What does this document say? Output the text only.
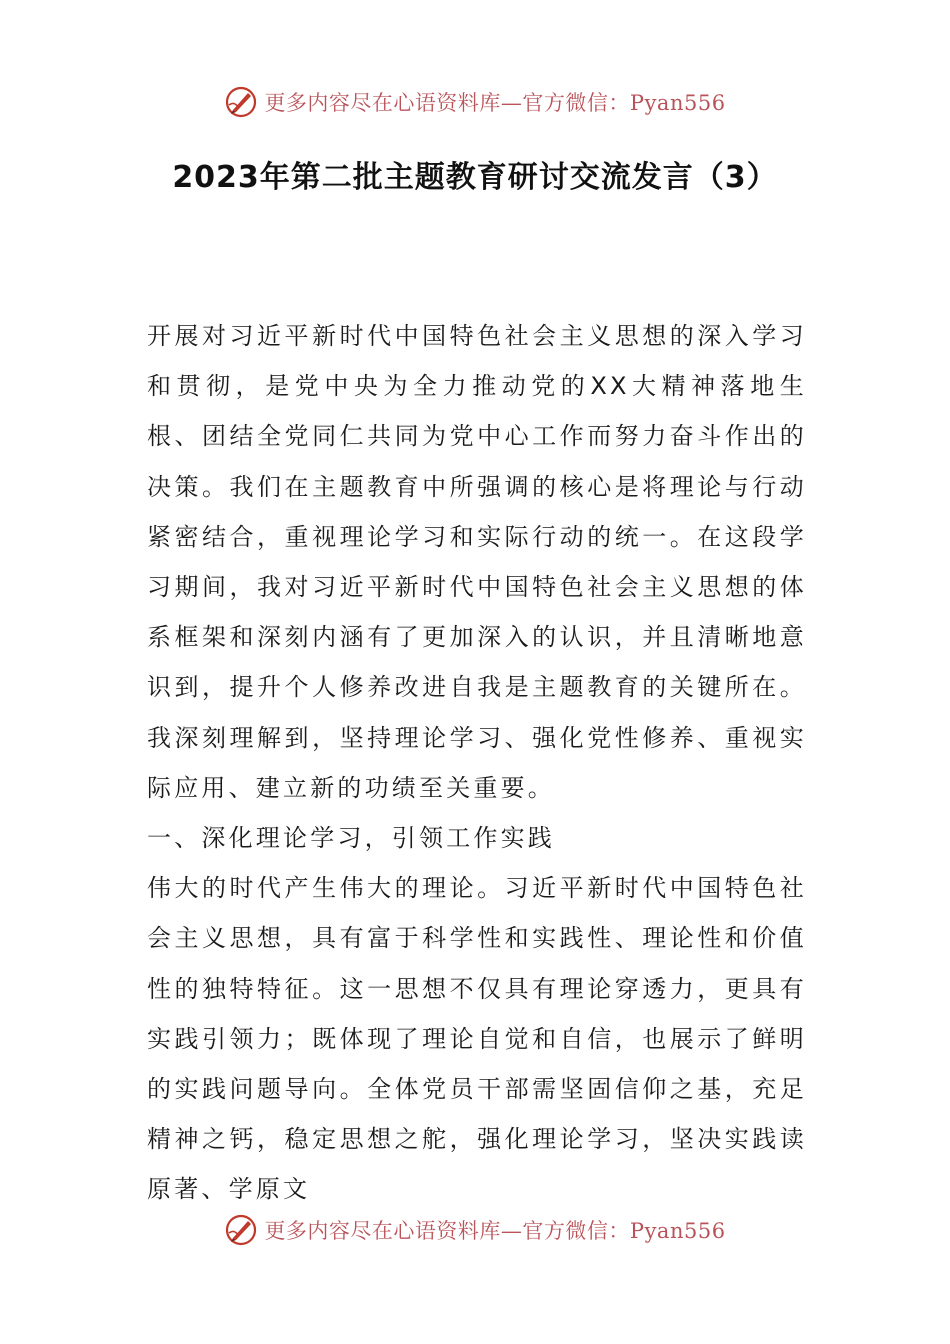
更多内容尽在心语资料库—官方微信：Pyan556
2023年第二批主题教育研讨交流发言（3）

开展对习近平新时代中国特色社会主义思想的深入学习和贯彻，是党中央为全力推动党的XX大精神落地生根、团结全党同仁共同为党中心工作而努力奋斗作出的决策。我们在主题教育中所强调的核心是将理论与行动紧密结合，重视理论学习和实际行动的统一。在这段学习期间，我对习近平新时代中国特色社会主义思想的体系框架和深刻内涵有了更加深入的认识，并且清晰地意识到，提升个人修养改进自我是主题教育的关键所在。我深刻理解到，坚持理论学习、强化党性修养、重视实际应用、建立新的功绩至关重要。

一、深化理论学习，引领工作实践

伟大的时代产生伟大的理论。习近平新时代中国特色社会主义思想，具有富于科学性和实践性、理论性和价值性的独特特征。这一思想不仅具有理论穿透力，更具有实践引领力；既体现了理论自觉和自信，也展示了鲜明的实践问题导向。全体党员干部需坚固信仰之基，充足精神之钙，稳定思想之舵，强化理论学习，坚决实践读原著、学原文

更多内容尽在心语资料库—官方微信：Pyan556
